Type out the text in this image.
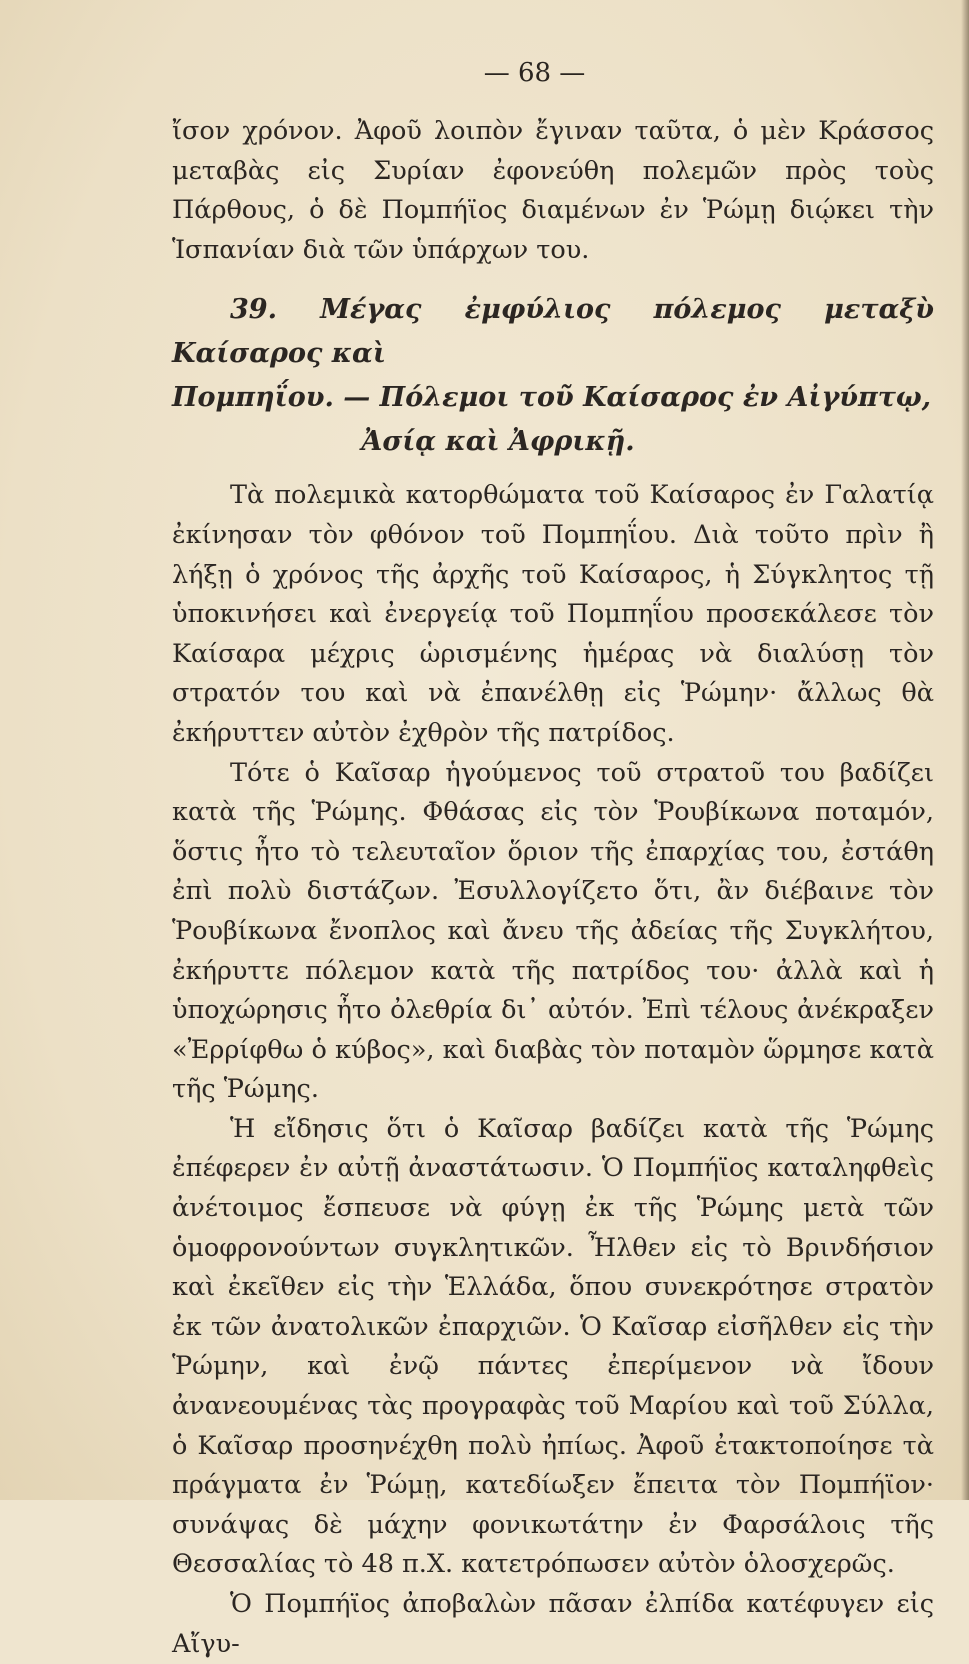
— 68 —

ἴσον χρόνον. Ἀφοῦ λοιπὸν ἔγιναν ταῦτα, ὁ μὲν Κράσσος μεταβὰς εἰς Συρίαν ἐφονεύθη πολεμῶν πρὸς τοὺς Πάρθους, ὁ δὲ Πομπήϊος διαμένων ἐν Ῥώμῃ διῴκει τὴν Ἱσπανίαν διὰ τῶν ὑπάρχων του.

39. Μέγας ἐμφύλιος πόλεμος μεταξὺ Καίσαρος καὶ
Πομπηΐου. — Πόλεμοι τοῦ Καίσαρος ἐν Αἰγύπτῳ,
Ἀσίᾳ καὶ Ἀφρικῇ.

Τὰ πολεμικὰ κατορθώματα τοῦ Καίσαρος ἐν Γαλατίᾳ ἐκίνησαν τὸν φθόνον τοῦ Πομπηΐου. Διὰ τοῦτο πρὶν ἢ λήξῃ ὁ χρόνος τῆς ἀρχῆς τοῦ Καίσαρος, ἡ Σύγκλητος τῇ ὑποκινήσει καὶ ἐνεργείᾳ τοῦ Πομπηΐου προσεκάλεσε τὸν Καίσαρα μέχρις ὡρισμένης ἡμέρας νὰ διαλύσῃ τὸν στρατόν του καὶ νὰ ἐπανέλθῃ εἰς Ῥώμην· ἄλλως θὰ ἐκήρυττεν αὐτὸν ἐχθρὸν τῆς πατρίδος.

Τότε ὁ Καῖσαρ ἡγούμενος τοῦ στρατοῦ του βαδίζει κατὰ τῆς Ῥώμης. Φθάσας εἰς τὸν Ῥουβίκωνα ποταμόν, ὅστις ἦτο τὸ τελευταῖον ὅριον τῆς ἐπαρχίας του, ἐστάθη ἐπὶ πολὺ διστάζων. Ἐσυλλογίζετο ὅτι, ἂν διέβαινε τὸν Ῥουβίκωνα ἔνοπλος καὶ ἄνευ τῆς ἀδείας τῆς Συγκλήτου, ἐκήρυττε πόλεμον κατὰ τῆς πατρίδος του· ἀλλὰ καὶ ἡ ὑποχώρησις ἦτο ὀλεθρία δι᾿ αὐτόν. Ἐπὶ τέλους ἀνέκραξεν «Ἐρρίφθω ὁ κύβος», καὶ διαβὰς τὸν ποταμὸν ὥρμησε κατὰ τῆς Ῥώμης.

Ἡ εἴδησις ὅτι ὁ Καῖσαρ βαδίζει κατὰ τῆς Ῥώμης ἐπέφερεν ἐν αὐτῇ ἀναστάτωσιν. Ὁ Πομπήϊος καταληφθεὶς ἀνέτοιμος ἔσπευσε νὰ φύγῃ ἐκ τῆς Ῥώμης μετὰ τῶν ὁμοφρονούντων συγκλητικῶν. Ἦλθεν εἰς τὸ Βρινδήσιον καὶ ἐκεῖθεν εἰς τὴν Ἑλλάδα, ὅπου συνεκρότησε στρατὸν ἐκ τῶν ἀνατολικῶν ἐπαρχιῶν. Ὁ Καῖσαρ εἰσῆλθεν εἰς τὴν Ῥώμην, καὶ ἐνῷ πάντες ἐπερίμενον νὰ ἴδουν ἀνανεουμένας τὰς προγραφὰς τοῦ Μαρίου καὶ τοῦ Σύλλα, ὁ Καῖσαρ προσηνέχθη πολὺ ἠπίως. Ἀφοῦ ἐτακτοποίησε τὰ πράγματα ἐν Ῥώμῃ, κατεδίωξεν ἔπειτα τὸν Πομπήϊον· συνάψας δὲ μάχην φονικωτάτην ἐν Φαρσάλοις τῆς Θεσσαλίας τὸ 48 π.Χ. κατετρόπωσεν αὐτὸν ὁλοσχερῶς.

Ὁ Πομπήϊος ἀποβαλὼν πᾶσαν ἐλπίδα κατέφυγεν εἰς Αἴγυ-
